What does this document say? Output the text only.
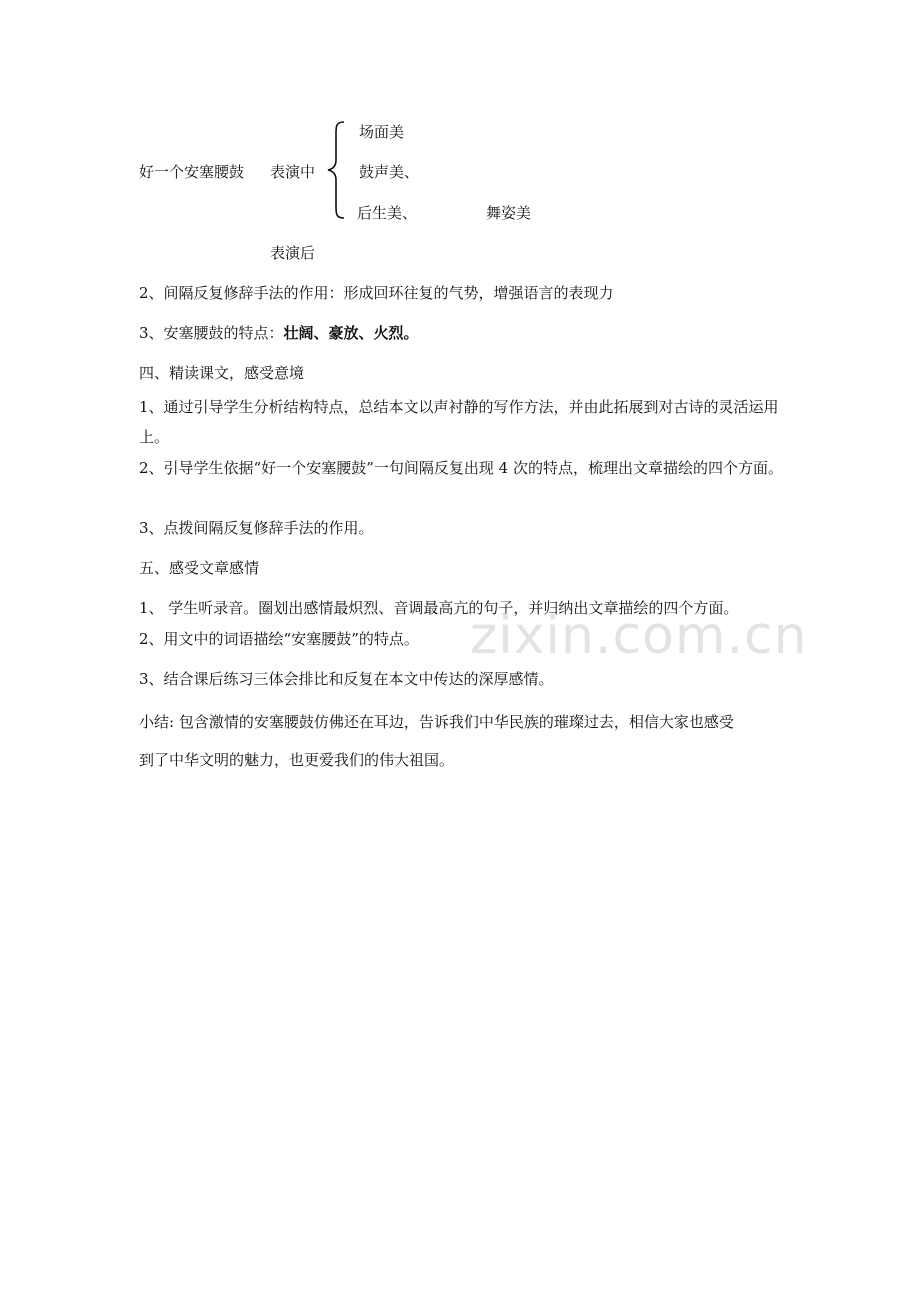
好一个安塞腰鼓 表演中
场面美
鼓声美、
后生美、	舞姿美
表演后
2、间隔反复修辞手法的作用：形成回环往复的气势，增强语言的表现力
3、安塞腰鼓的特点：壮阔、豪放、火烈。
四、精读课文，感受意境
1、通过引导学生分析结构特点，总结本文以声衬静的写作方法，并由此拓展到对古诗的灵活运用上。
2、引导学生依据“好一个安塞腰鼓”一句间隔反复出现 4 次的特点，梳理出文章描绘的四个方面。
3、点拨间隔反复修辞手法的作用。
五、感受文章感情
1、 学生听录音。圈划出感情最炽烈、音调最高亢的句子，并归纳出文章描绘的四个方面。
2、用文中的词语描绘“安塞腰鼓”的特点。
3、结合课后练习三体会排比和反复在本文中传达的深厚感情。
小结: 包含激情的安塞腰鼓仿佛还在耳边，告诉我们中华民族的璀璨过去，相信大家也感受
到了中华文明的魅力，也更爱我们的伟大祖国。
zixin.com.cn
